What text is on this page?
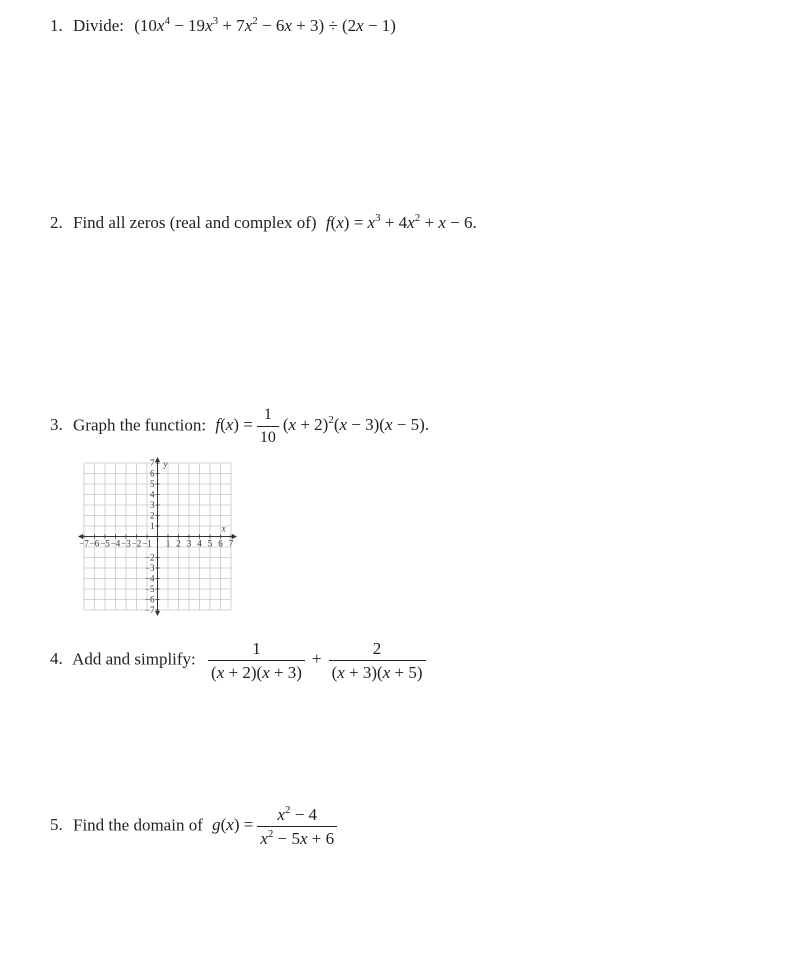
1. Divide: $(10x^4 - 19x^3 + 7x^2 - 6x + 3) \div (2x - 1)$
2. Find all zeros (real and complex of) $f(x) = x^3 + 4x^2 + x - 6$.
3. Graph the function: $f(x) = \frac{1}{10} (x + 2)^2(x - 3)(x - 5)$.
−7 −6 −5 −4 −3 −2 −1 1 2 3 4 5 6 7
7
6
5
4
3
2
1
−2
−3
−4
−5
−6
−7
x
y
4. Add and simplify: $\frac{1}{(x + 2)(x + 3)} + \frac{2}{(x + 3)(x + 5)}$
5. Find the domain of $g(x) = \frac{x^2 - 4}{x^2 - 5x + 6}$
